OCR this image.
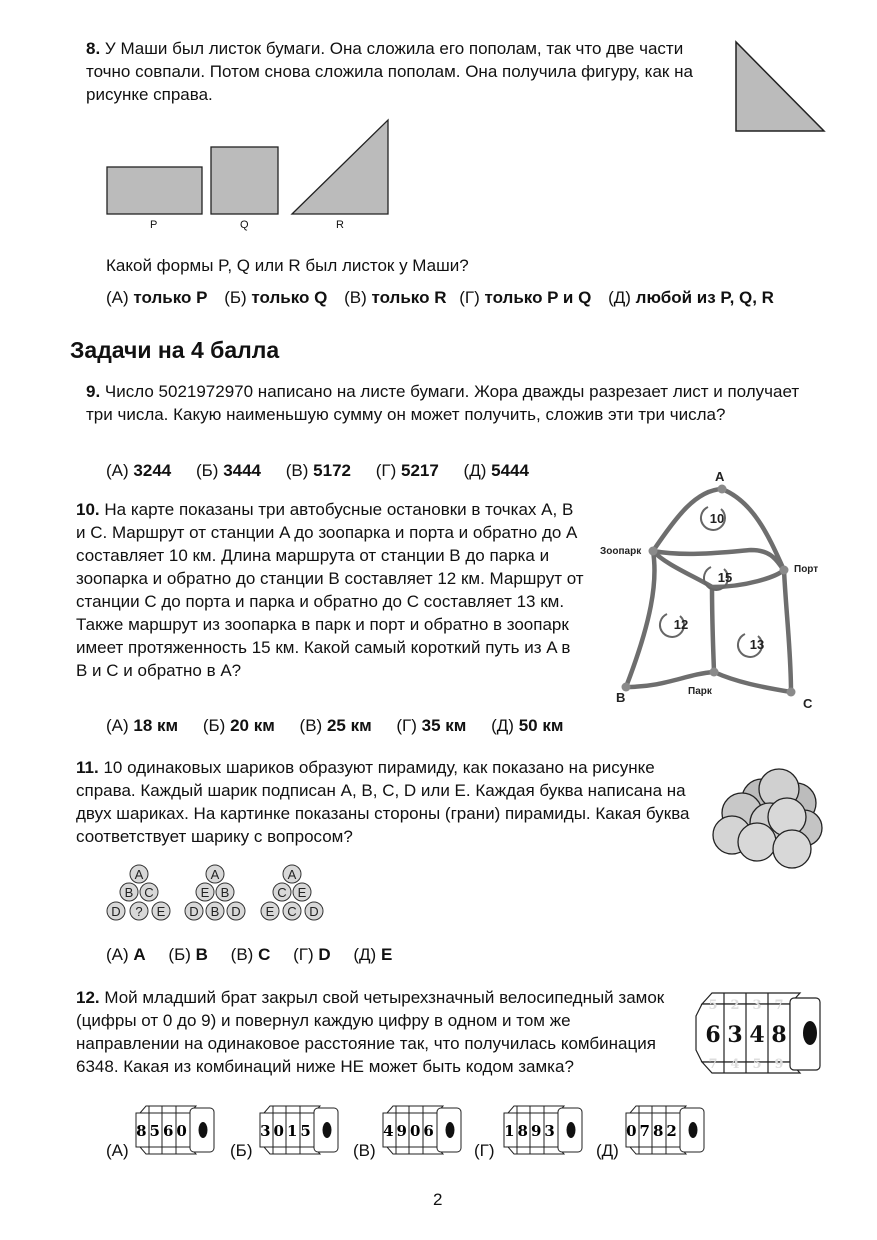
8. У Маши был листок бумаги. Она сложила его пополам, так что две части точно совпали. Потом снова сложила пополам. Она получила фигуру, как на рисунке справа.
P	Q	R
Какой формы P, Q или R был листок у Маши?
(А) только P (Б) только Q (В) только R (Г) только P и Q (Д) любой из P, Q, R
Задачи на 4 балла
9. Число 5021972970 написано на листе бумаги. Жора дважды разрезает лист и получает три числа. Какую наименьшую сумму он может получить, сложив эти три числа?
(А) 3244 (Б) 3444 (В) 5172 (Г) 5217 (Д) 5444
10. На карте показаны три автобусные остановки в точках A, B и C. Маршрут от станции A до зоопарка и порта и обратно до A составляет 10 км. Длина маршрута от станции B до парка и зоопарка и обратно до станции B составляет 12 км. Маршрут от станции C до порта и парка и обратно до C составляет 13 км. Также маршрут из зоопарка в парк и порт и обратно в зоопарк имеет протяженность 15 км. Какой самый короткий путь из A в B и C и обратно в A?
10
15
12
13
A
B	C
Зоопарк
Порт
Парк
(А) 18 км (Б) 20 км (В) 25 км (Г) 35 км (Д) 50 км
11. 10 одинаковых шариков образуют пирамиду, как показано на рисунке справа. Каждый шарик подписан A, B, C, D или E. Каждая буква написана на двух шариках. На картинке показаны стороны (грани) пирамиды. Какая буква соответствует шарику с вопросом?
A
B C
D ? E
A
E B
D B D
A
C E
E C D
(А) A (Б) B (В) C (Г) D (Д) E
12. Мой младший брат закрыл свой четырехзначный велосипедный замок (цифры от 0 до 9) и повернул каждую цифру в одном и том же направлении на одинаковое расстояние так, что получилась комбинация 6348. Какая из комбинаций ниже НЕ может быть кодом замка?
5 2 3 7
6 3 4 8
7 4 5 9
(А)
8560
(Б)
3015
(В)
4906
(Г)
1893
(Д)
0782
2
